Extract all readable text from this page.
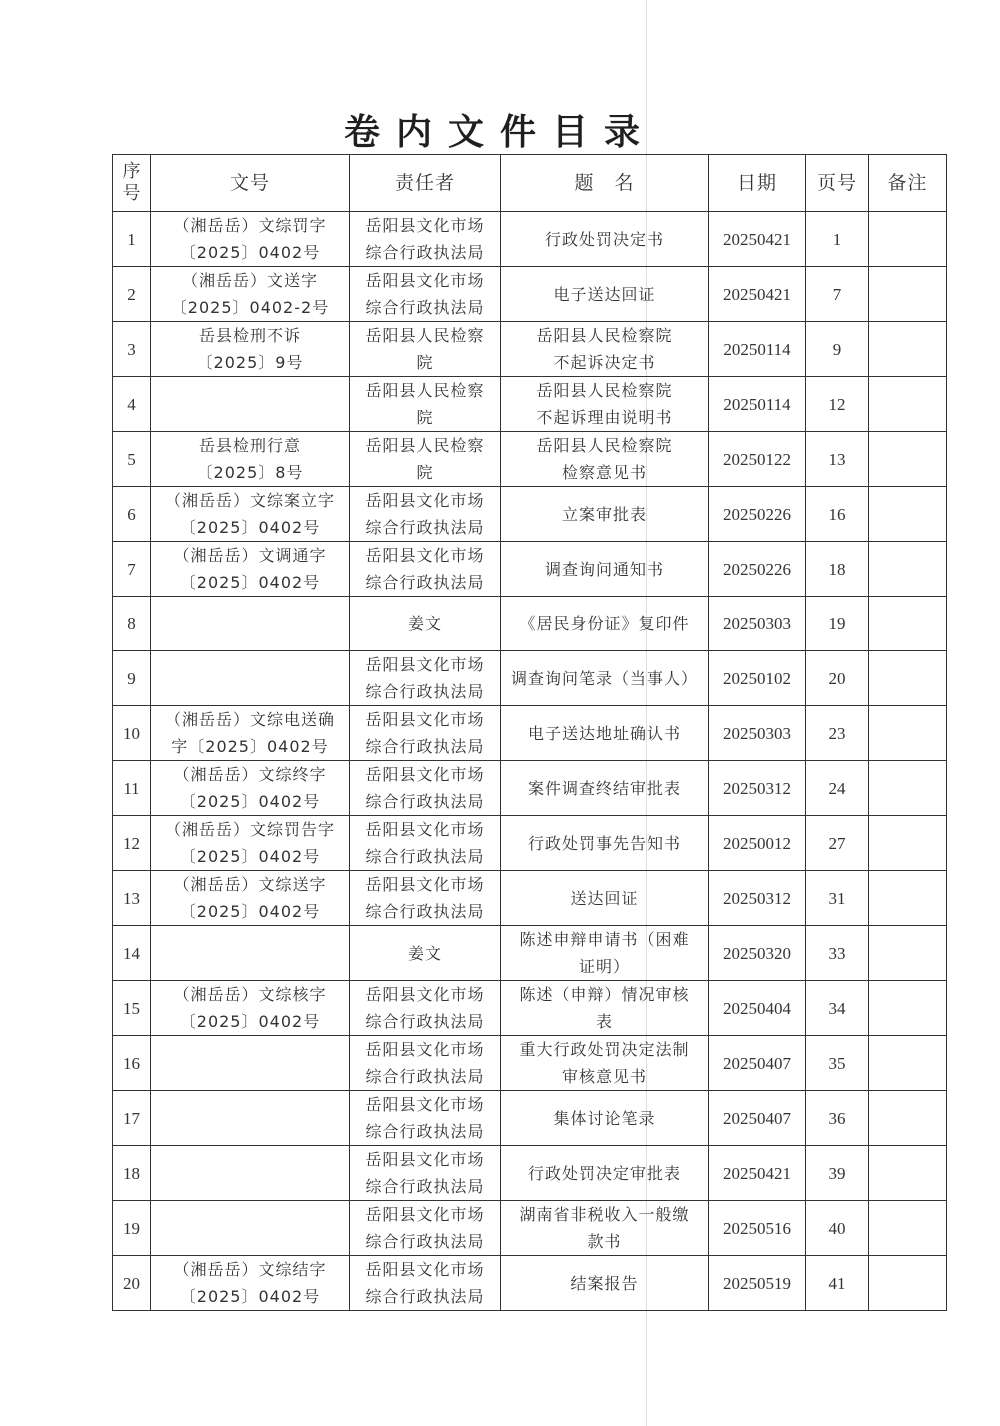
卷内文件目录
序号	文号	责任者	题　名	日期	页号	备注

1	（湘岳岳）文综罚字
〔2025〕0402号	岳阳县文化市场
综合行政执法局	行政处罚决定书	20250421	1	

2	（湘岳岳）文送字
〔2025〕0402-2号	岳阳县文化市场
综合行政执法局	电子送达回证	20250421	7	

3	岳县检刑不诉
〔2025〕9号	岳阳县人民检察
院	岳阳县人民检察院
不起诉决定书	20250114	9	

4		岳阳县人民检察
院	岳阳县人民检察院
不起诉理由说明书	20250114	12	

5	岳县检刑行意
〔2025〕8号	岳阳县人民检察
院	岳阳县人民检察院
检察意见书	20250122	13	

6	（湘岳岳）文综案立字
〔2025〕0402号	岳阳县文化市场
综合行政执法局	立案审批表	20250226	16	

7	（湘岳岳）文调通字
〔2025〕0402号	岳阳县文化市场
综合行政执法局	调查询问通知书	20250226	18	

8		姜文	《居民身份证》复印件	20250303	19	

9		岳阳县文化市场
综合行政执法局	调查询问笔录（当事人）	20250102	20	

10	（湘岳岳）文综电送确
字〔2025〕0402号	岳阳县文化市场
综合行政执法局	电子送达地址确认书	20250303	23	

11	（湘岳岳）文综终字
〔2025〕0402号	岳阳县文化市场
综合行政执法局	案件调查终结审批表	20250312	24	

12	（湘岳岳）文综罚告字
〔2025〕0402号	岳阳县文化市场
综合行政执法局	行政处罚事先告知书	20250012	27	

13	（湘岳岳）文综送字
〔2025〕0402号	岳阳县文化市场
综合行政执法局	送达回证	20250312	31	

14		姜文	陈述申辩申请书（困难
证明）	20250320	33	

15	（湘岳岳）文综核字
〔2025〕0402号	岳阳县文化市场
综合行政执法局	陈述（申辩）情况审核
表	20250404	34	

16		岳阳县文化市场
综合行政执法局	重大行政处罚决定法制
审核意见书	20250407	35	

17		岳阳县文化市场
综合行政执法局	集体讨论笔录	20250407	36	

18		岳阳县文化市场
综合行政执法局	行政处罚决定审批表	20250421	39	

19		岳阳县文化市场
综合行政执法局	湖南省非税收入一般缴
款书	20250516	40	

20	（湘岳岳）文综结字
〔2025〕0402号	岳阳县文化市场
综合行政执法局	结案报告	20250519	41	
